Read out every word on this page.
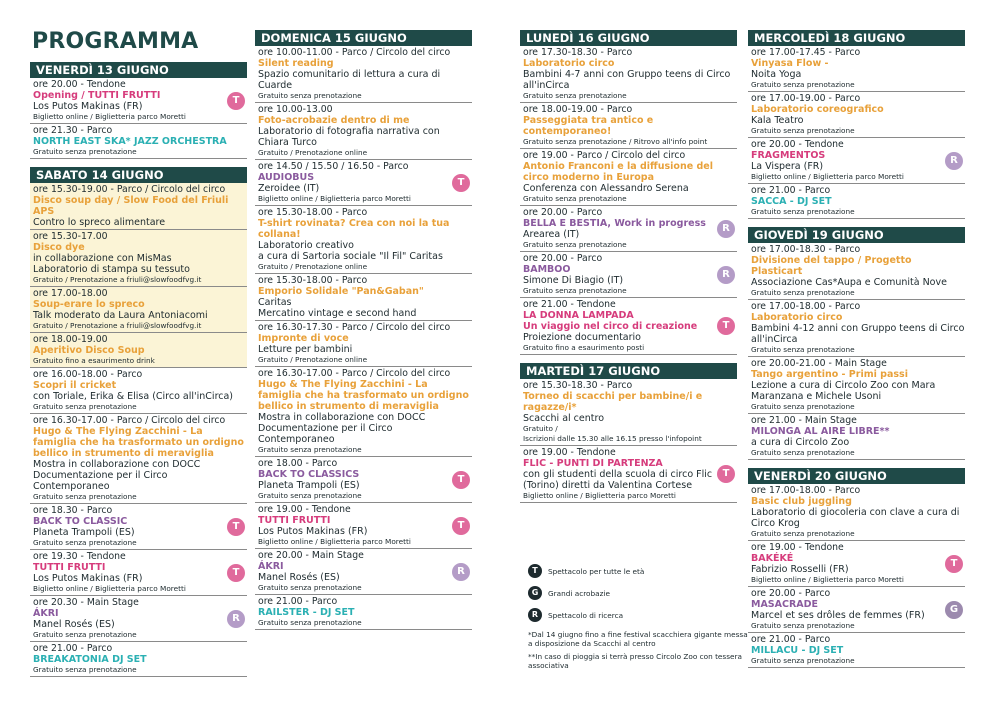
PROGRAMMA
VENERDÌ 13 GIUGNO
ore 20.00 - Tendone
Opening / TUTTI FRUTTI
Los Putos Makinas (FR)
Biglietto online / Biglietteria parco Moretti
T
ore 21.30 - Parco
NORTH EAST SKA* JAZZ ORCHESTRA
Gratuito senza prenotazione
SABATO 14 GIUGNO
ore 15.30-19.00 - Parco / Circolo del circo
Disco soup day / Slow Food del Friuli APS
Contro lo spreco alimentare
ore 15.30-17.00
Disco dye
in collaborazione con MisMas
Laboratorio di stampa su tessuto
Gratuito / Prenotazione a friuli@slowfoodfvg.it
ore 17.00-18.00
Soup-erare lo spreco
Talk moderato da Laura Antoniacomi
Gratuito / Prenotazione a friuli@slowfoodfvg.it
ore 18.00-19.00
Aperitivo Disco Soup
Gratuito fino a esaurimento drink
ore 16.00-18.00 - Parco
Scopri il cricket
con Toriale, Erika & Elisa (Circo all'inCirca)
Gratuito senza prenotazione
ore 16.30-17.00 - Parco / Circolo del circo
Hugo & The Flying Zacchini - La famiglia che ha trasformato un ordigno bellico in strumento di meraviglia
Mostra in collaborazione con DOCC Documentazione per il Circo Contemporaneo
Gratuito senza prenotazione
ore 18.30 - Parco
BACK TO CLASSIC
Planeta Trampoli (ES)
Gratuito senza prenotazione
T
ore 19.30 - Tendone
TUTTI FRUTTI
Los Putos Makinas (FR)
Biglietto online / Biglietteria parco Moretti
T
ore 20.30 - Main Stage
ÁKRI
Manel Rosés (ES)
Gratuito senza prenotazione
R
ore 21.00 - Parco
BREAKATONIA DJ SET
Gratuito senza prenotazione
DOMENICA 15 GIUGNO
ore 10.00-11.00 - Parco / Circolo del circo
Silent reading
Spazio comunitario di lettura a cura di Cuarde
Gratuito senza prenotazione
ore 10.00-13.00
Foto-acrobazie dentro di me
Laboratorio di fotografia narrativa con Chiara Turco
Gratuito / Prenotazione online
ore 14.50 / 15.50 / 16.50 - Parco
AUDIOBUS
Zeroidee (IT)
Biglietto online / Biglietteria parco Moretti
T
ore 15.30-18.00 - Parco
T-shirt rovinata? Crea con noi la tua collana!
Laboratorio creativo
a cura di Sartoria sociale "Il Fil" Caritas
Gratuito / Prenotazione online
ore 15.30-18.00 - Parco
Emporio Solidale "Pan&Gaban"
Caritas
Mercatino vintage e second hand
ore 16.30-17.30 - Parco / Circolo del circo
Impronte di voce
Letture per bambini
Gratuito / Prenotazione online
ore 16.30-17.00 - Parco / Circolo del circo
Hugo & The Flying Zacchini - La famiglia che ha trasformato un ordigno bellico in strumento di meraviglia
Mostra in collaborazione con DOCC Documentazione per il Circo Contemporaneo
Gratuito senza prenotazione
ore 18.00 - Parco
BACK TO CLASSICS
Planeta Trampoli (ES)
Gratuito senza prenotazione
T
ore 19.00 - Tendone
TUTTI FRUTTI
Los Putos Makinas (FR)
Biglietto online / Biglietteria parco Moretti
T
ore 20.00 - Main Stage
ÁKRI
Manel Rosés (ES)
Gratuito senza prenotazione
R
ore 21.00 - Parco
RAILSTER - DJ SET
Gratuito senza prenotazione
LUNEDÌ 16 GIUGNO
ore 17.30-18.30 - Parco
Laboratorio circo
Bambini 4-7 anni con Gruppo teens di Circo all'inCirca
Gratuito senza prenotazione
ore 18.00-19.00 - Parco
Passeggiata tra antico e contemporaneo!
Gratuito senza prenotazione / Ritrovo all'info point
ore 19.00 - Parco / Circolo del circo
Antonio Franconi e la diffusione del circo moderno in Europa
Conferenza con Alessandro Serena
Gratuito senza prenotazione
ore 20.00 - Parco
BELLA E BESTIA, Work in progress
Arearea (IT)
Gratuito senza prenotazione
R
ore 20.00 - Parco
BAMBOO
Simone Di Biagio (IT)
Gratuito senza prenotazione
R
ore 21.00 - Tendone
LA DONNA LAMPADA
Un viaggio nel circo di creazione
Proiezione documentario
Gratuito fino a esaurimento posti
T
MARTEDÌ 17 GIUGNO
ore 15.30-18.30 - Parco
Torneo di scacchi per bambine/i e ragazze/i*
Scacchi al centro
Gratuito /
Iscrizioni dalle 15.30 alle 16.15 presso l'infopoint
ore 19.00 - Tendone
FLIC - PUNTI DI PARTENZA
con gli studenti della scuola di circo Flic (Torino) diretti da Valentina Cortese
Biglietto online / Biglietteria parco Moretti
T
MERCOLEDÌ 18 GIUGNO
ore 17.00-17.45 - Parco
Vinyasa Flow -
Noita Yoga
Gratuito senza prenotazione
ore 17.00-19.00 - Parco
Laboratorio coreografico
Kala Teatro
Gratuito senza prenotazione
ore 20.00 - Tendone
FRAGMENTOS
La Vispera (FR)
Biglietto online / Biglietteria parco Moretti
R
ore 21.00 - Parco
SACCA - DJ SET
Gratuito senza prenotazione
GIOVEDÌ 19 GIUGNO
ore 17.00-18.30 - Parco
Divisione del tappo / Progetto Plasticart
Associazione Cas*Aupa e Comunità Nove
Gratuito senza prenotazione
ore 17.00-18.00 - Parco
Laboratorio circo
Bambini 4-12 anni con Gruppo teens di Circo all'inCirca
Gratuito senza prenotazione
ore 20.00-21.00 - Main Stage
Tango argentino - Primi passi
Lezione a cura di Circolo Zoo con Mara Maranzana e Michele Usoni
Gratuito senza prenotazione
ore 21.00 - Main Stage
MILONGA AL AIRE LIBRE**
a cura di Circolo Zoo
Gratuito senza prenotazione
VENERDÌ 20 GIUGNO
ore 17.00-18.00 - Parco
Basic club juggling
Laboratorio di giocoleria con clave a cura di Circo Krog
Gratuito senza prenotazione
ore 19.00 - Tendone
BAKÉKÉ
Fabrizio Rosselli (FR)
Biglietto online / Biglietteria parco Moretti
T
ore 20.00 - Parco
MASACRADE
Marcel et ses drôles de femmes (FR)
Gratuito senza prenotazione
G
ore 21.00 - Parco
MILLACU - DJ SET
Gratuito senza prenotazione
T	Spettacolo per tutte le età
G	Grandi acrobazie
R	Spettacolo di ricerca
*Dal 14 giugno fino a fine festival scacchiera gigante messa a disposizione da Scacchi al centro
**In caso di pioggia si terrà presso Circolo Zoo con tessera associativa
